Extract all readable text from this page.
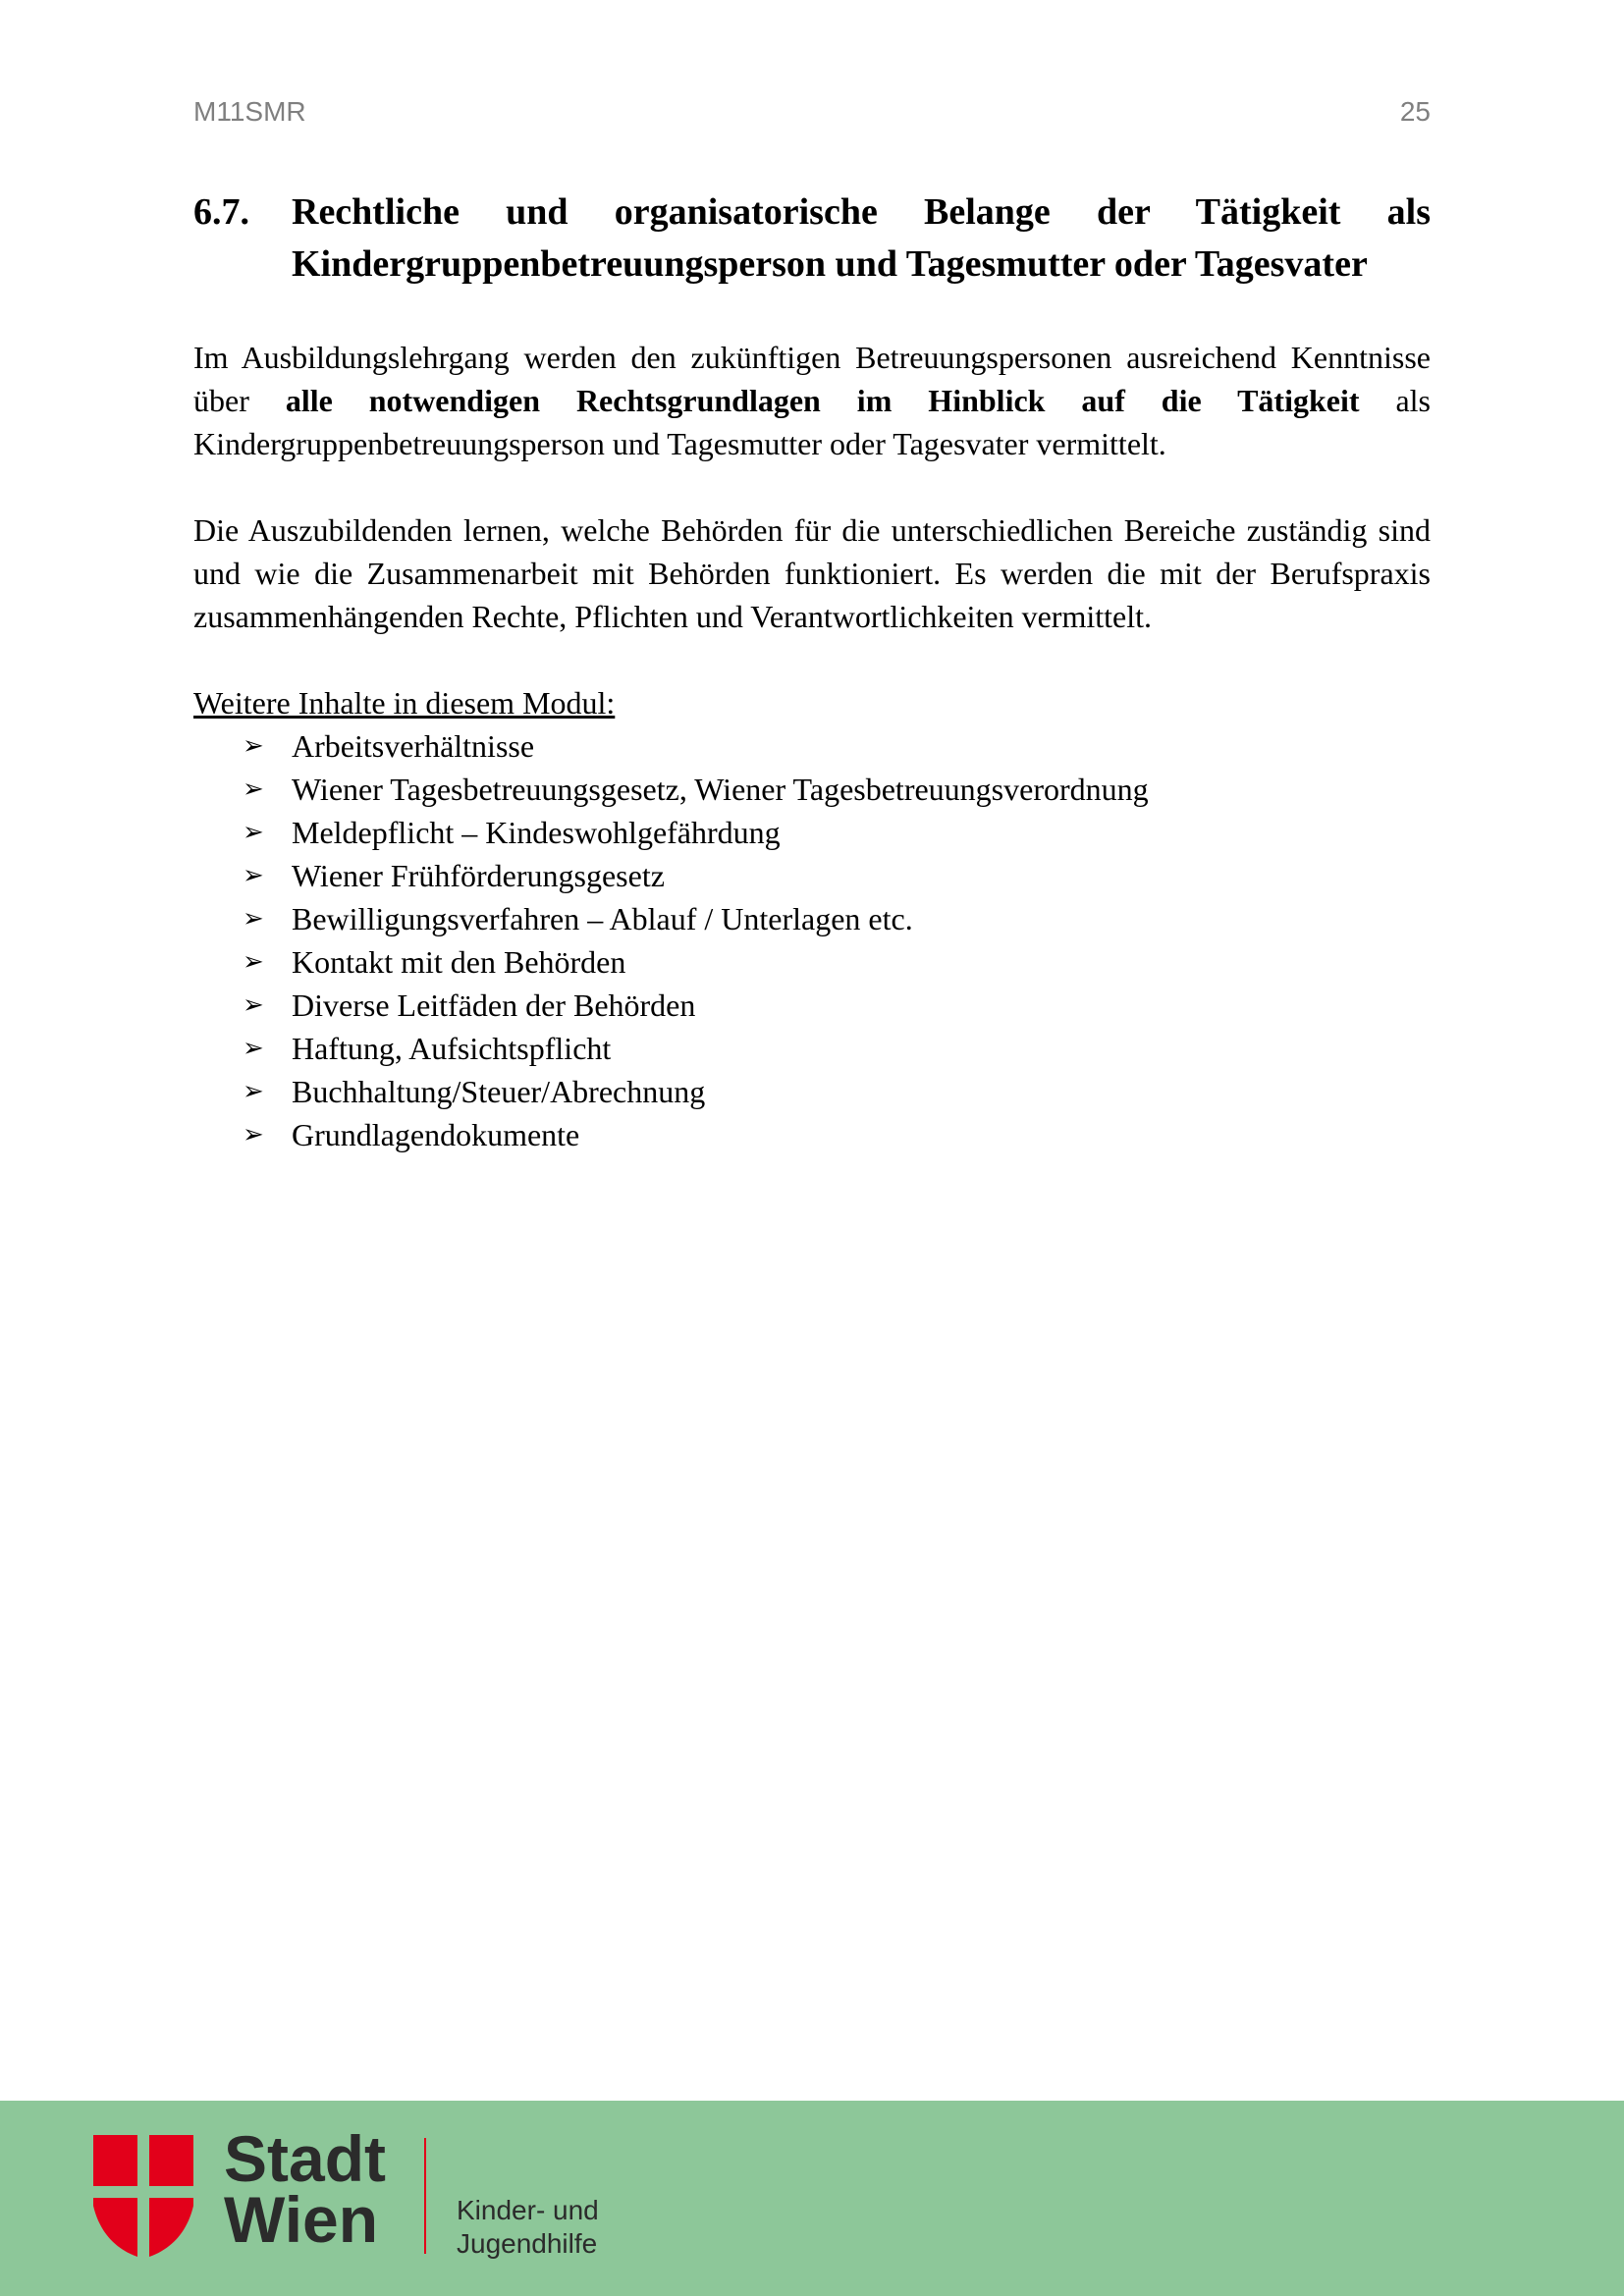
M11SMR	25
6.7. Rechtliche und organisatorische Belange der Tätigkeit als Kindergruppenbetreuungsperson und Tagesmutter oder Tagesvater

Im Ausbildungslehrgang werden den zukünftigen Betreuungspersonen ausreichend Kenntnisse über alle notwendigen Rechtsgrundlagen im Hinblick auf die Tätigkeit als Kindergruppenbetreuungsperson und Tagesmutter oder Tagesvater vermittelt.

Die Auszubildenden lernen, welche Behörden für die unterschiedlichen Bereiche zuständig sind und wie die Zusammenarbeit mit Behörden funktioniert. Es werden die mit der Berufspraxis zusammenhängenden Rechte, Pflichten und Verantwortlichkeiten vermittelt.

Weitere Inhalte in diesem Modul:
➢ Arbeitsverhältnisse
➢ Wiener Tagesbetreuungsgesetz, Wiener Tagesbetreuungsverordnung
➢ Meldepflicht – Kindeswohlgefährdung
➢ Wiener Frühförderungsgesetz
➢ Bewilligungsverfahren – Ablauf / Unterlagen etc.
➢ Kontakt mit den Behörden
➢ Diverse Leitfäden der Behörden
➢ Haftung, Aufsichtspflicht
➢ Buchhaltung/Steuer/Abrechnung
➢ Grundlagendokumente
Stadt
Wien	Kinder- und
Jugendhilfe
